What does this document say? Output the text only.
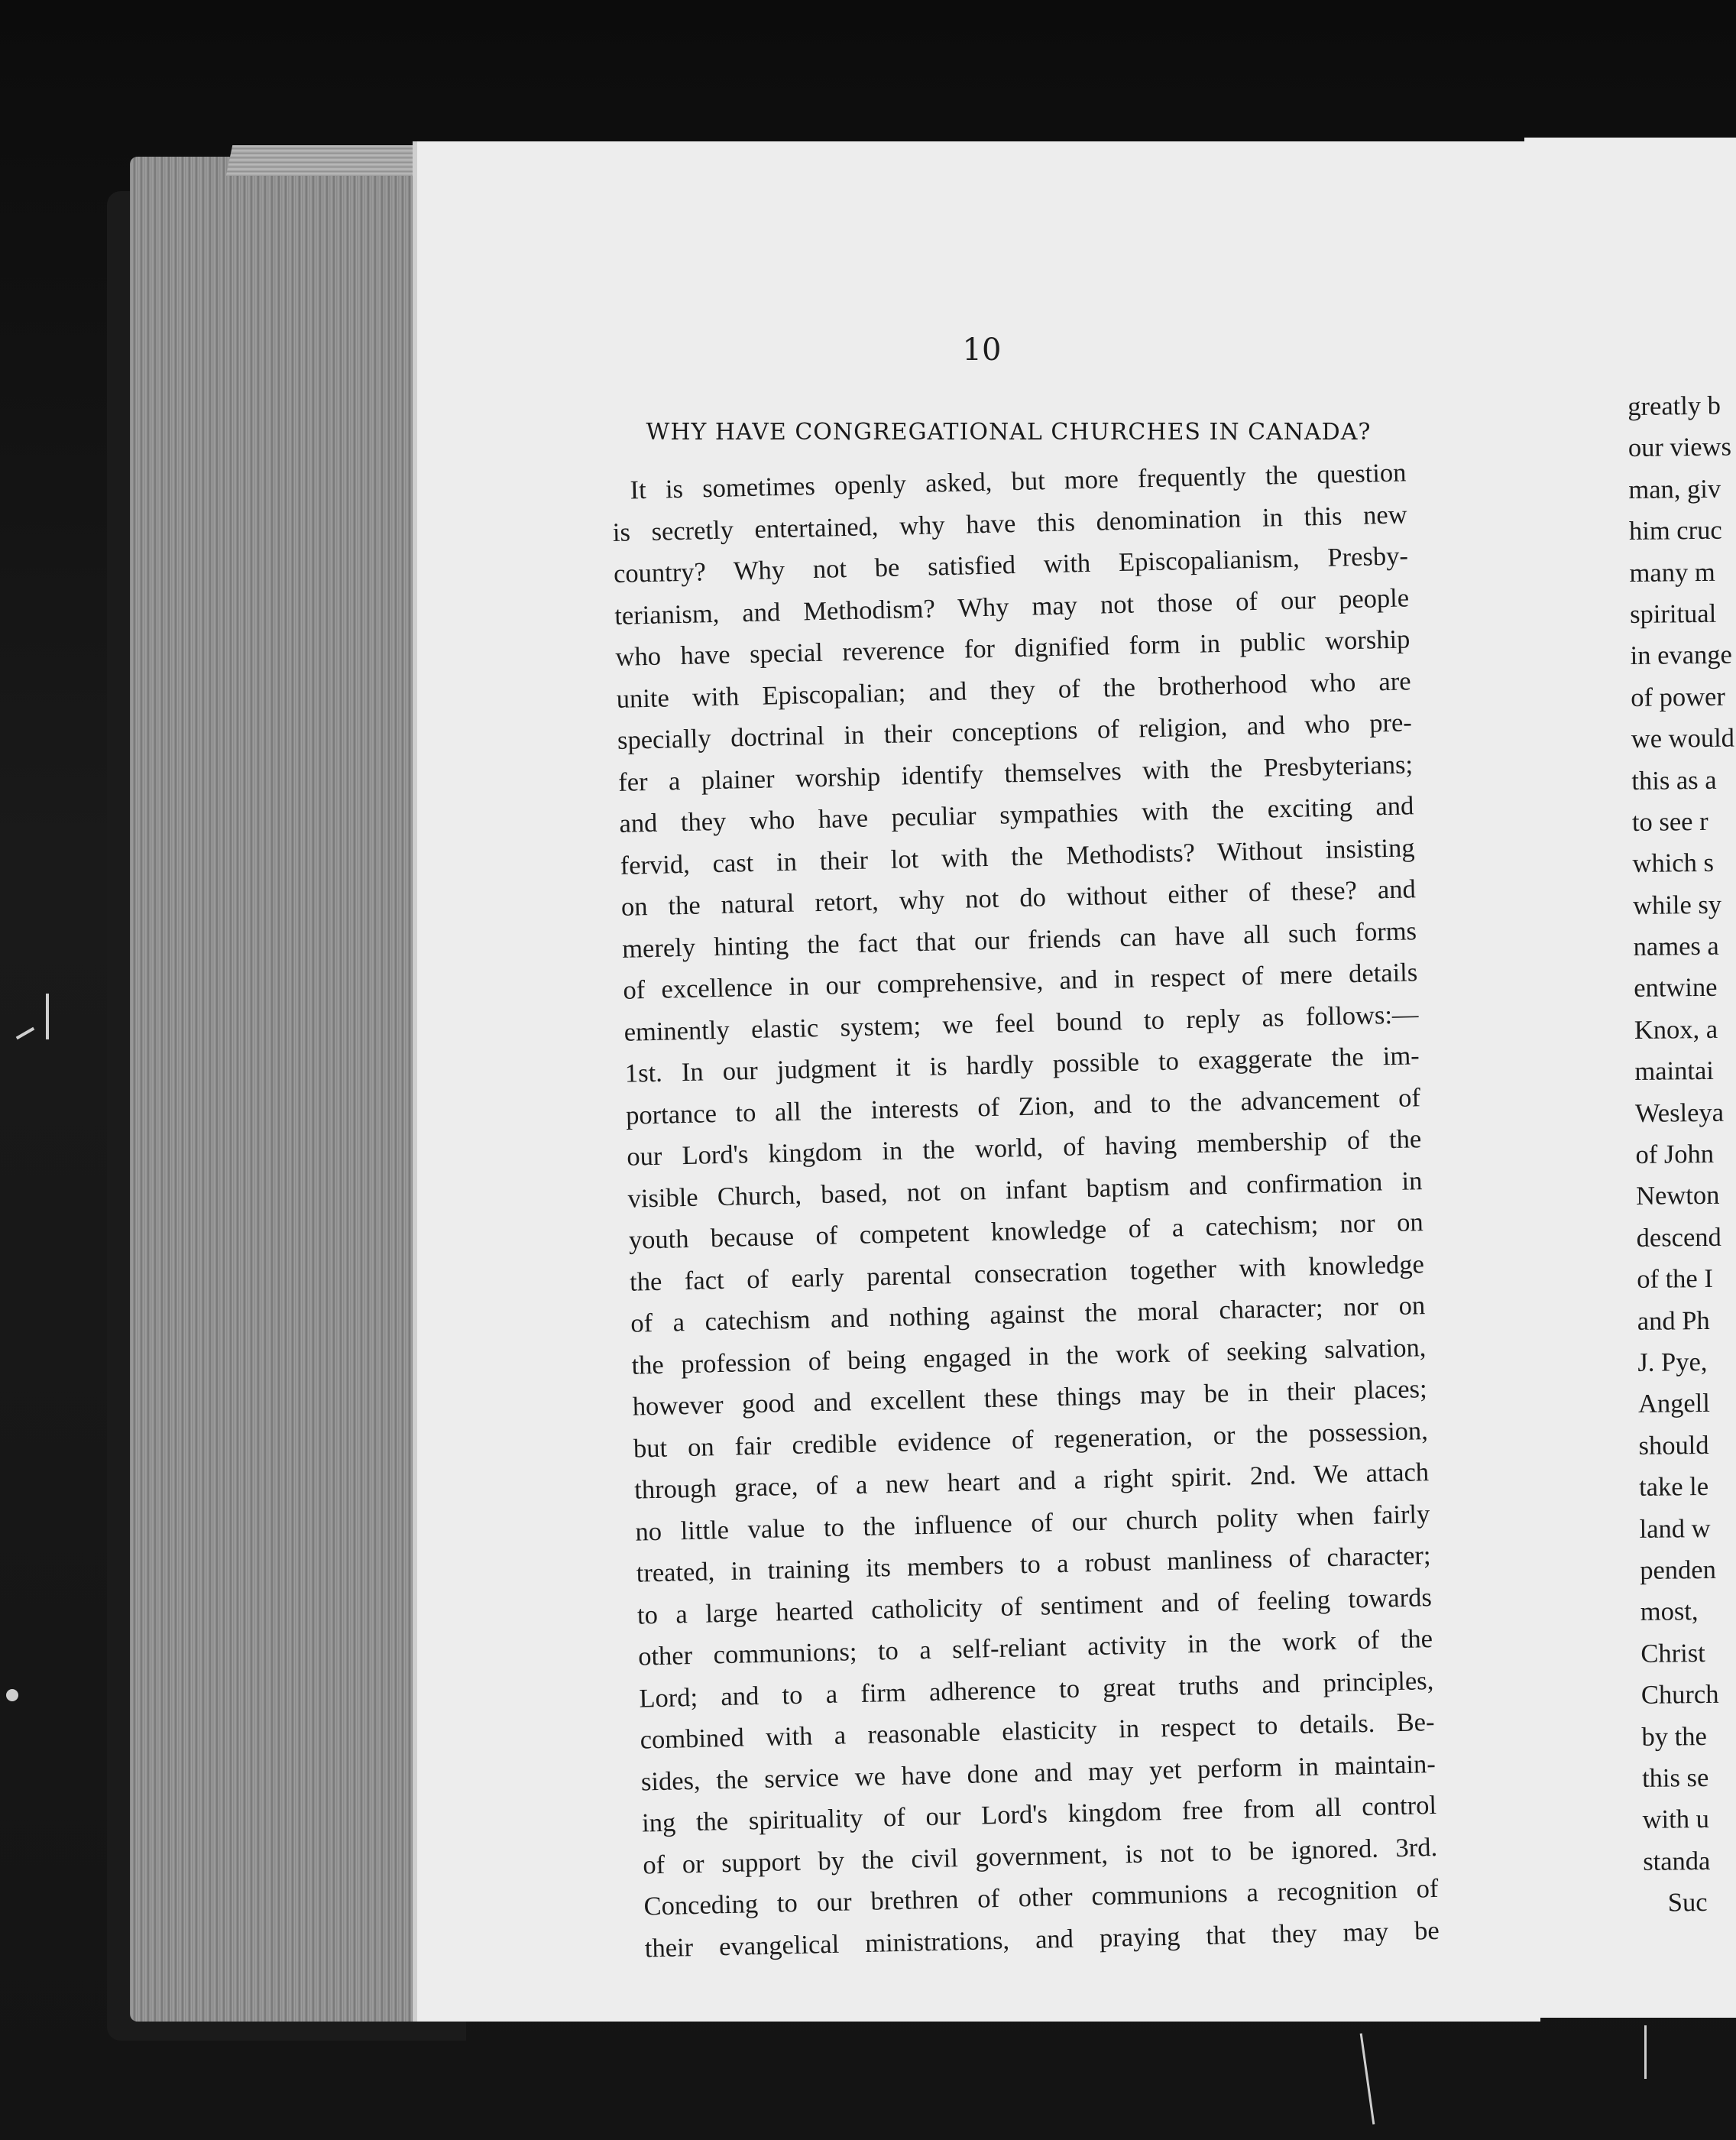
10
WHY HAVE CONGREGATIONAL CHURCHES IN CANADA?
It is sometimes openly asked, but more frequently the question
is secretly entertained, why have this denomination in this new
country? Why not be satisfied with Episcopalianism, Presby-
terianism, and Methodism? Why may not those of our people
who have special reverence for dignified form in public worship
unite with Episcopalian; and they of the brotherhood who are
specially doctrinal in their conceptions of religion, and who pre-
fer a plainer worship identify themselves with the Presbyterians;
and they who have peculiar sympathies with the exciting and
fervid, cast in their lot with the Methodists? Without insisting
on the natural retort, why not do without either of these? and
merely hinting the fact that our friends can have all such forms
of excellence in our comprehensive, and in respect of mere details
eminently elastic system; we feel bound to reply as follows:—
1st. In our judgment it is hardly possible to exaggerate the im-
portance to all the interests of Zion, and to the advancement of
our Lord's kingdom in the world, of having membership of the
visible Church, based, not on infant baptism and confirmation in
youth because of competent knowledge of a catechism; nor on
the fact of early parental consecration together with knowledge
of a catechism and nothing against the moral character; nor on
the profession of being engaged in the work of seeking salvation,
however good and excellent these things may be in their places;
but on fair credible evidence of regeneration, or the possession,
through grace, of a new heart and a right spirit. 2nd. We attach
no little value to the influence of our church polity when fairly
treated, in training its members to a robust manliness of character;
to a large hearted catholicity of sentiment and of feeling towards
other communions; to a self-reliant activity in the work of the
Lord; and to a firm adherence to great truths and principles,
combined with a reasonable elasticity in respect to details. Be-
sides, the service we have done and may yet perform in maintain-
ing the spirituality of our Lord's kingdom free from all control
of or support by the civil government, is not to be ignored. 3rd.
Conceding to our brethren of other communions a recognition of
their evangelical ministrations, and praying that they may be
greatly b
our views
man, giv
him cruc
many m
spiritual
in evange
of power
we would
this as a
to see r
which s
while sy
names a
entwine
Knox, a
maintai
Wesleya
of John
Newton
descend
of the I
and Ph
J. Pye,
Angell
should
take le
land w
penden
most,
Christ
Church
by the
this se
with u
standa
Suc
